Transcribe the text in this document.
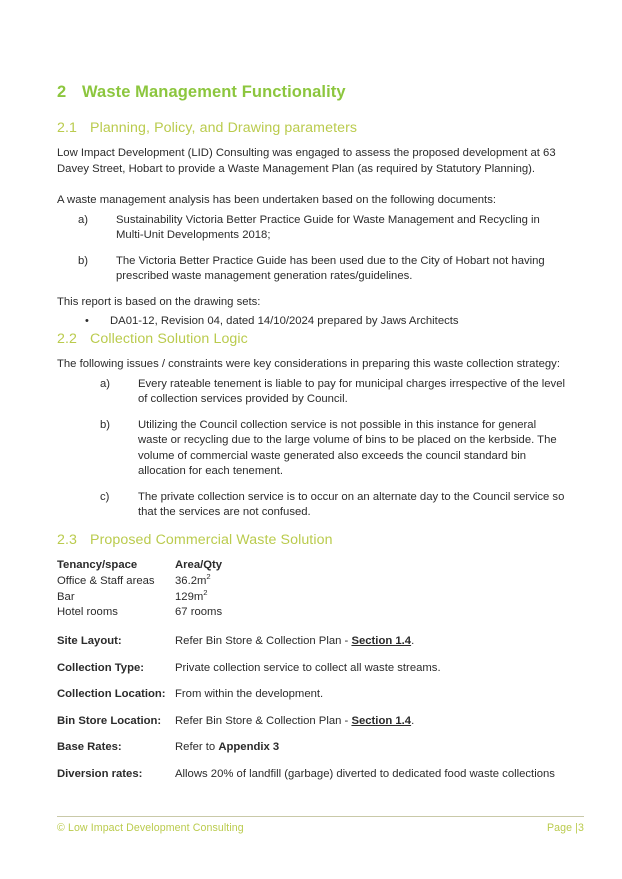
2 Waste Management Functionality
2.1 Planning, Policy, and Drawing parameters

Low Impact Development (LID) Consulting was engaged to assess the proposed development at 63 Davey Street, Hobart to provide a Waste Management Plan (as required by Statutory Planning).

A waste management analysis has been undertaken based on the following documents:

a)	Sustainability Victoria Better Practice Guide for Waste Management and Recycling in Multi-Unit Developments 2018;
b)	The Victoria Better Practice Guide has been used due to the City of Hobart not having prescribed waste management generation rates/guidelines.

This report is based on the drawing sets:

• DA01-12, Revision 04, dated 14/10/2024 prepared by Jaws Architects
2.2 Collection Solution Logic

The following issues / constraints were key considerations in preparing this waste collection strategy:

a)	Every rateable tenement is liable to pay for municipal charges irrespective of the level of collection services provided by Council.
b)	Utilizing the Council collection service is not possible in this instance for general waste or recycling due to the large volume of bins to be placed on the kerbside. The volume of commercial waste generated also exceeds the council standard bin allocation for each tenement.
c)	The private collection service is to occur on an alternate day to the Council service so that the services are not confused.
2.3 Proposed Commercial Waste Solution
Tenancy/space	Area/Qty
Office & Staff areas	$36.2m^2$
Bar	$129m^2$
Hotel rooms	67 rooms
Site Layout:	Refer Bin Store & Collection Plan - Section 1.4.
Collection Type:	Private collection service to collect all waste streams.
Collection Location:	From within the development.
Bin Store Location:	Refer Bin Store & Collection Plan - Section 1.4.
Base Rates:	Refer to Appendix 3
Diversion rates:	Allows 20% of landfill (garbage) diverted to dedicated food waste collections
© Low Impact Development Consulting	Page |3
